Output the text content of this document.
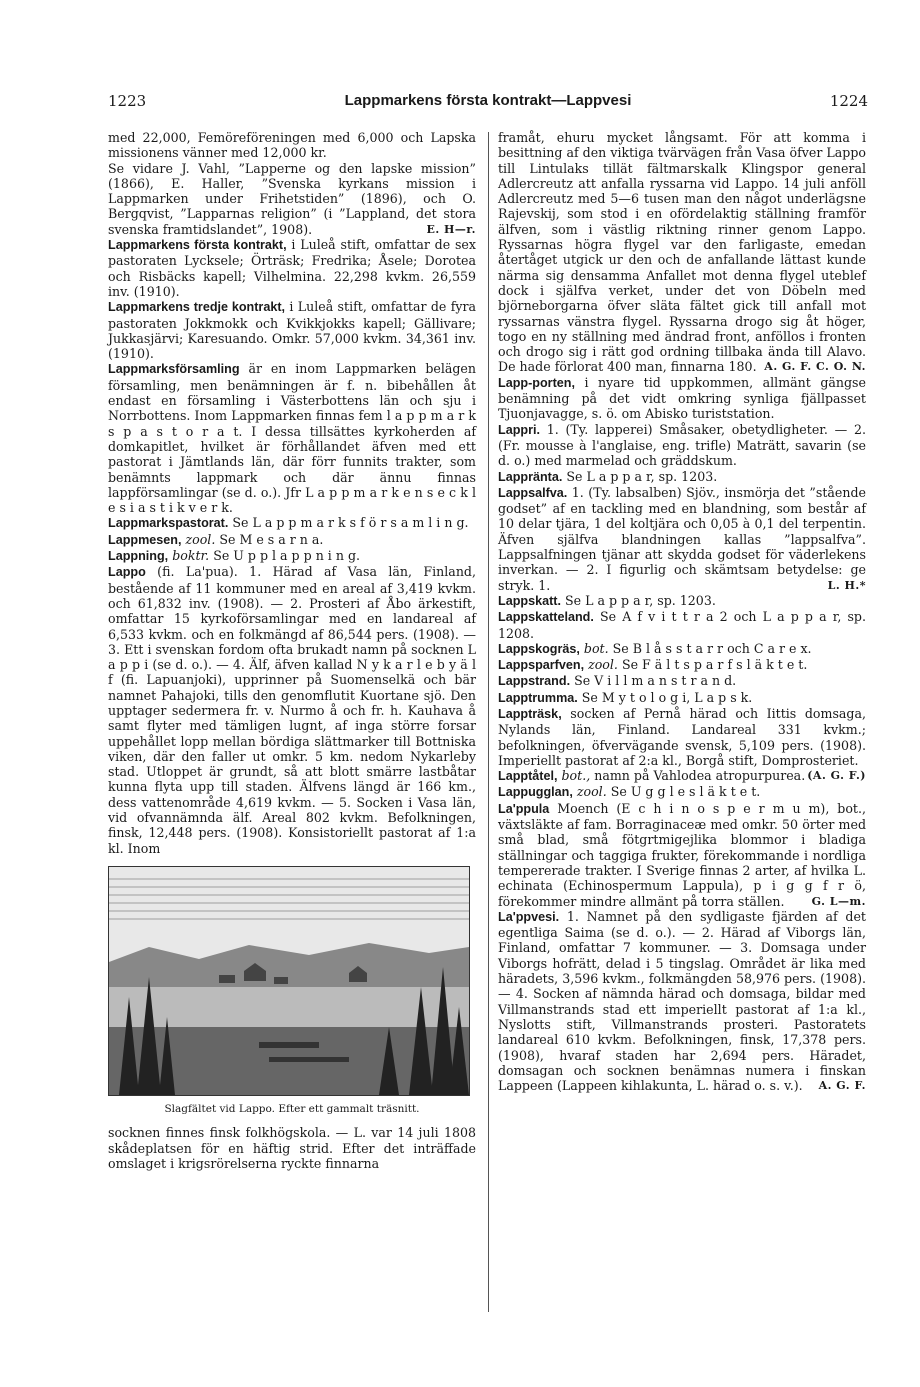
1223	Lappmarkens första kontrakt—Lappvesi	1224

med 22,000, Femöreföreningen med 6,000 och Lapska missionens vänner med 12,000 kr.

Se vidare J. Vahl, ”Lapperne og den lapske mission” (1866), E. Haller, ”Svenska kyrkans mission i Lappmarken under Frihetstiden” (1896), och O. Bergqvist, ”Lapparnas religion” (i ”Lappland, det stora svenska framtidslandet”, 1908).	E. H—r.

Lappmarkens första kontrakt, i Luleå stift, omfattar de sex pastoraten Lycksele; Örträsk; Fredrika; Åsele; Dorotea och Risbäcks kapell; Vilhelmina. 22,298 kvkm. 26,559 inv. (1910).

Lappmarkens tredje kontrakt, i Luleå stift, omfattar de fyra pastoraten Jokkmokk och Kvikkjokks kapell; Gällivare; Jukkasjärvi; Karesuando. Omkr. 57,000 kvkm. 34,361 inv. (1910).

Lappmarksförsamling är en inom Lappmarken belägen församling, men benämningen är f. n. bibehållen åt endast en församling i Västerbottens län och sju i Norrbottens. Inom Lappmarken finnas fem l a p p m a r k s p a s t o r a t. I dessa tillsättes kyrkoherden af domkapitlet, hvilket är förhållandet äfven med ett pastorat i Jämtlands län, där förr funnits trakter, som benämnts lappmark och där ännu finnas lappförsamlingar (se d. o.). Jfr L a p p m a r k e n s e c k l e s i a s t i k v e r k.

Lappmarkspastorat. Se L a p p m a r k s f ö r s a m l i n g.

Lappmesen, zool. Se M e s a r n a.

Lappning, boktr. Se U p p l a p p n i n g.

Lappo (fi. La'pua). 1. Härad af Vasa län, Finland, bestående af 11 kommuner med en areal af 3,419 kvkm. och 61,832 inv. (1908). — 2. Prosteri af Åbo ärkestift, omfattar 15 kyrkoförsamlingar med en landareal af 6,533 kvkm. och en folkmängd af 86,544 pers. (1908). — 3. Ett i svenskan fordom ofta brukadt namn på socknen L a p p i (se d. o.). — 4. Älf, äfven kallad N y k a r l e b y ä l f (fi. Lapuanjoki), upprinner på Suomenselkä och bär namnet Pahajoki, tills den genomflutit Kuortane sjö. Den upptager sedermera fr. v. Nurmo å och fr. h. Kauhava å samt flyter med tämligen lugnt, af inga större forsar uppehållet lopp mellan bördiga slättmarker till Bottniska viken, där den faller ut omkr. 5 km. nedom Nykarleby stad. Utloppet är grundt, så att blott smärre lastbåtar kunna flyta upp till staden. Älfvens längd är 166 km., dess vattenområde 4,619 kvkm. — 5. Socken i Vasa län, vid ofvannämnda älf. Areal 802 kvkm. Befolkningen, finsk, 12,448 pers. (1908). Konsistoriellt pastorat af 1:a kl. Inom

Slagfältet vid Lappo. Efter ett gammalt träsnitt.

socknen finnes finsk folkhögskola. — L. var 14 juli 1808 skådeplatsen för en häftig strid. Efter det inträffade omslaget i krigsrörelserna ryckte finnarna

framåt, ehuru mycket långsamt. För att komma i besittning af den viktiga tvärvägen från Vasa öfver Lappo till Lintulaks tillät fältmarskalk Klingspor general Adlercreutz att anfalla ryssarna vid Lappo. 14 juli anföll Adlercreutz med 5—6 tusen man den något underlägsne Rajevskij, som stod i en ofördelaktig ställning framför älfven, som i västlig riktning rinner genom Lappo. Ryssarnas högra flygel var den farligaste, emedan återtåget utgick ur den och de anfallande lättast kunde närma sig densamma Anfallet mot denna flygel uteblef dock i själfva verket, under det von Döbeln med björneborgarna öfver släta fältet gick till anfall mot ryssarnas vänstra flygel. Ryssarna drogo sig åt höger, togo en ny ställning med ändrad front, anföllos i fronten och drogo sig i rätt god ordning tillbaka ända till Alavo. De hade förlorat 400 man, finnarna 180. A. G. F. C. O. N.

Lapp-porten, i nyare tid uppkommen, allmänt gängse benämning på det vidt omkring synliga fjällpasset Tjuonjavagge, s. ö. om Abisko turiststation.

Lappri. 1. (Ty. lapperei) Småsaker, obetydligheter. — 2. (Fr. mousse à l'anglaise, eng. trifle) Maträtt, savarin (se d. o.) med marmelad och gräddskum.

Lappränta. Se L a p p a r, sp. 1203.

Lappsalfva. 1. (Ty. labsalben) Sjöv., insmörja det ”stående godset” af en tackling med en blandning, som består af 10 delar tjära, 1 del koltjära och 0,05 à 0,1 del terpentin. Äfven själfva blandningen kallas ”lappsalfva”. Lappsalfningen tjänar att skydda godset för väderlekens inverkan. — 2. I figurlig och skämtsam betydelse: ge stryk. 1.	L. H.*

Lappskatt. Se L a p p a r, sp. 1203.

Lappskatteland. Se A f v i t t r a 2 och L a p p a r, sp. 1208.

Lappskogräs, bot. Se B l å s s t a r r och C a r e x.

Lappsparfven, zool. Se F ä l t s p a r f s l ä k t e t.

Lappstrand. Se V i l l m a n s t r a n d.

Lapptrumma. Se M y t o l o g i, L a p s k.

Lappträsk, socken af Pernå härad och Iittis domsaga, Nylands län, Finland. Landareal 331 kvkm.; befolkningen, öfvervägande svensk, 5,109 pers. (1908). Imperiellt pastorat af 2:a kl., Borgå stift, Domprosteriet.
(A. G. F.)

Lapptåtel, bot., namn på Vahlodea atropurpurea.

Lappugglan, zool. Se U g g l e s l ä k t e t.

La'ppula Moench (E c h i n o s p e r m u m), bot., växtsläkte af fam. Borraginaceæ med omkr. 50 örter med små blad, små fötgrtmigejlika blommor i bladiga ställningar och taggiga frukter, förekommande i nordliga tempererade trakter. I Sverige finnas 2 arter, af hvilka L. echinata (Echinospermum Lappula), p i g g f r ö, förekommer mindre allmänt på torra ställen. G. L—m.

La'ppvesi. 1. Namnet på den sydligaste fjärden af det egentliga Saima (se d. o.). — 2. Härad af Viborgs län, Finland, omfattar 7 kommuner. — 3. Domsaga under Viborgs hofrätt, delad i 5 tingslag. Området är lika med häradets, 3,596 kvkm., folkmängden 58,976 pers. (1908). — 4. Socken af nämnda härad och domsaga, bildar med Villmanstrands stad ett imperiellt pastorat af 1:a kl., Nyslotts stift, Villmanstrands prosteri. Pastoratets landareal 610 kvkm. Befolkningen, finsk, 17,378 pers. (1908), hvaraf staden har 2,694 pers. Häradet, domsagan och socknen benämnas numera i finskan Lappeen (Lappeen kihlakunta, L. härad o. s. v.). A. G. F.
